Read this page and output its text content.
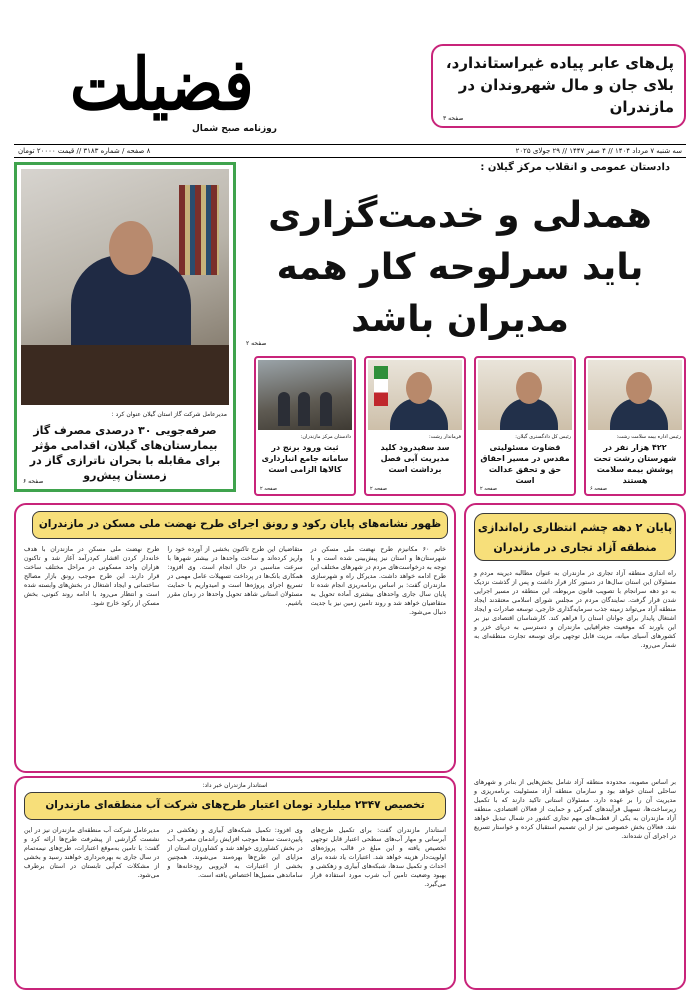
پل‌های عابر پیاده غیراستاندارد، بلای جان و مال شهروندان در مازندران
صفحه ۳
فضیلت
روزنامه صبح شمال
سه شنبه ۷ مرداد ۱۴۰۴ // ۴ صفر ۱۴۴۷ // ۲۹ جولای ۲۰۲۵
۸ صفحه / شماره ۳۱۸۳ // قیمت ۲۰۰۰۰ تومان
مدیرعامل شرکت گاز استان گیلان عنوان کرد :
صرفه‌جویی ۳۰ درصدی مصرف گاز بیمارستان‌های گیلان، اقدامی مؤثر برای مقابله با بحران ناترازی گاز در زمستان پیش‌رو
صفحه ۶
دادستان عمومی و انقلاب مرکز گیلان :
همدلی و خدمت‌گزاری باید سرلوحه کار همه مدیران باشد
صفحه ۲
رئیس اداره بیمه سلامت رشت:
۴۲۲ هزار نفر در شهرستان رشت تحت پوشش بیمه سلامت هستند
صفحه ۶
رئیس کل دادگستری گیلان:
قضاوت مسئولیتی مقدس در مسیر احقاق حق و تحقق عدالت است
صفحه ۲
فرماندار رشت:
سد سفیدرود کلید مدیریت آبی فصل برداشت است
صفحه ۲
دادستان مرکز مازندران:
ثبت ورود برنج در سامانه جامع انبارداری کالاها الزامی است
صفحه ۲
ظهور نشانه‌های پایان رکود و رونق اجرای طرح نهضت ملی مسکن در مازندران
خانم ۶۰ مکانیزم طرح نهضت ملی مسکن در شهرستان‌ها و استان نیز پیش‌بینی شده است و با توجه به درخواست‌های مردم در شهرهای مختلف این طرح ادامه خواهد داشت. مدیرکل راه و شهرسازی مازندران گفت: بر اساس برنامه‌ریزی انجام شده تا پایان سال جاری واحدهای بیشتری آماده تحویل به متقاضیان خواهد شد و روند تامین زمین نیز با جدیت دنبال می‌شود.
متقاضیان این طرح تاکنون بخشی از آورده خود را واریز کرده‌اند و ساخت واحدها در بیشتر شهرها با سرعت مناسبی در حال انجام است. وی افزود: همکاری بانک‌ها در پرداخت تسهیلات عامل مهمی در تسریع اجرای پروژه‌ها است و امیدواریم با حمایت مسئولان استانی شاهد تحویل واحدها در زمان مقرر باشیم.
طرح نهضت ملی مسکن در مازندران با هدف خانه‌دار کردن اقشار کم‌درآمد آغاز شد و تاکنون هزاران واحد مسکونی در مراحل مختلف ساخت قرار دارند. این طرح موجب رونق بازار مصالح ساختمانی و ایجاد اشتغال در بخش‌های وابسته شده است و انتظار می‌رود با ادامه روند کنونی، بخش مسکن از رکود خارج شود.
استاندار مازندران خبر داد:
تخصیص ۲۳۴۷ میلیارد تومان اعتبار طرح‌های شرکت آب منطقه‌ای مازندران
استاندار مازندران گفت: برای تکمیل طرح‌های آبرسانی و مهار آب‌های سطحی اعتبار قابل توجهی تخصیص یافته و این مبلغ در قالب پروژه‌های اولویت‌دار هزینه خواهد شد. اعتبارات یاد شده برای احداث و تکمیل سدها، شبکه‌های آبیاری و زهکشی و بهبود وضعیت تامین آب شرب مورد استفاده قرار می‌گیرد.
وی افزود: تکمیل شبکه‌های آبیاری و زهکشی در پایین‌دست سدها موجب افزایش راندمان مصرف آب در بخش کشاورزی خواهد شد و کشاورزان استان از مزایای این طرح‌ها بهره‌مند می‌شوند. همچنین بخشی از اعتبارات به لایروبی رودخانه‌ها و ساماندهی مسیل‌ها اختصاص یافته است.
مدیرعامل شرکت آب منطقه‌ای مازندران نیز در این نشست گزارشی از پیشرفت طرح‌ها ارائه کرد و گفت: با تامین به‌موقع اعتبارات، طرح‌های نیمه‌تمام در سال جاری به بهره‌برداری خواهند رسید و بخشی از مشکلات کم‌آبی تابستان در استان برطرف می‌شود.
پایان ۲ دهه چشم انتظاری راه‌اندازی منطقه آزاد تجاری در مازندران
راه اندازی منطقه آزاد تجاری در مازندران به عنوان مطالبه دیرینه مردم و مسئولان این استان سال‌ها در دستور کار قرار داشت و پس از گذشت نزدیک به دو دهه سرانجام با تصویب قانون مربوطه، این منطقه در مسیر اجرایی شدن قرار گرفت. نمایندگان مردم در مجلس شورای اسلامی معتقدند ایجاد منطقه آزاد می‌تواند زمینه جذب سرمایه‌گذاری خارجی، توسعه صادرات و ایجاد اشتغال پایدار برای جوانان استان را فراهم کند. کارشناسان اقتصادی نیز بر این باورند که موقعیت جغرافیایی مازندران و دسترسی به دریای خزر و کشورهای آسیای میانه، مزیت قابل توجهی برای توسعه تجارت منطقه‌ای به شمار می‌رود.
بر اساس مصوبه، محدوده منطقه آزاد شامل بخش‌هایی از بنادر و شهرهای ساحلی استان خواهد بود و سازمان منطقه آزاد مسئولیت برنامه‌ریزی و مدیریت آن را بر عهده دارد. مسئولان استانی تاکید دارند که با تکمیل زیرساخت‌ها، تسهیل فرآیندهای گمرکی و حمایت از فعالان اقتصادی، منطقه آزاد مازندران به یکی از قطب‌های مهم تجاری کشور در شمال تبدیل خواهد شد. فعالان بخش خصوصی نیز از این تصمیم استقبال کرده و خواستار تسریع در اجرای آن شده‌اند.
